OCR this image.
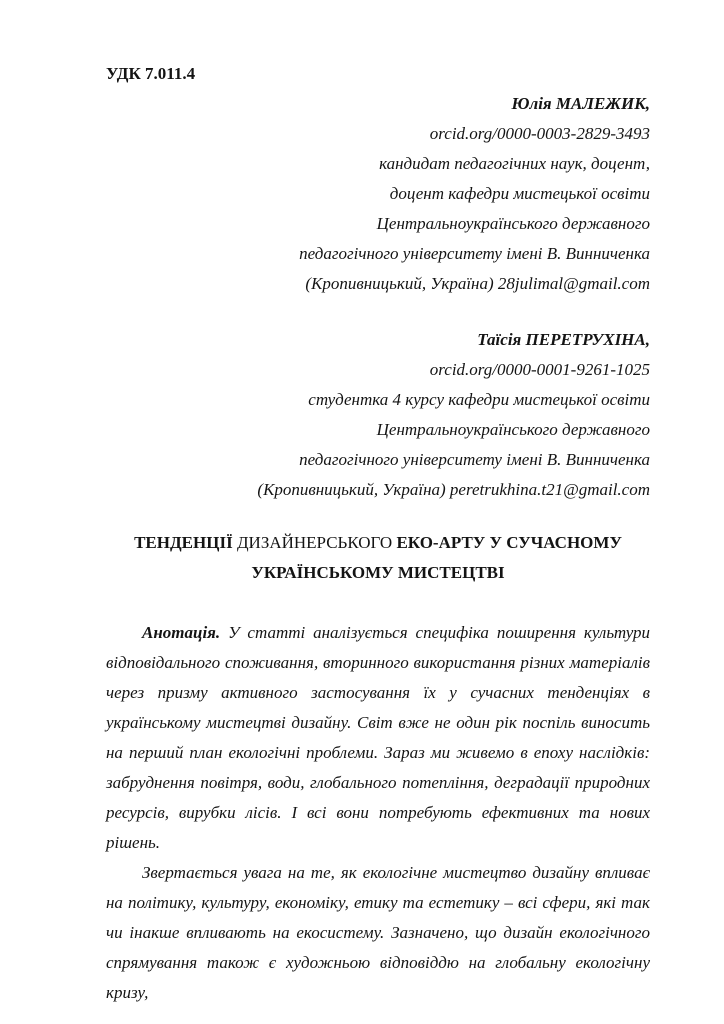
УДК 7.011.4
Юлія МАЛЕЖИК,
orcid.org/0000-0003-2829-3493
кандидат педагогічних наук, доцент,
доцент кафедри мистецької освіти
Центральноукраїнського державного
педагогічного університету імені В. Винниченка
(Кропивницький, Україна) 28julimal@gmail.com
Таїсія ПЕРЕТРУХІНА,
orcid.org/0000-0001-9261-1025
студентка 4 курсу кафедри мистецької освіти
Центральноукраїнського державного
педагогічного університету імені В. Винниченка
(Кропивницький, Україна) peretrukhina.t21@gmail.com
ТЕНДЕНЦІЇ ДИЗАЙНЕРСЬКОГО ЕКО-АРТУ У СУЧАСНОМУ УКРАЇНСЬКОМУ МИСТЕЦТВІ

Анотація. У статті аналізується специфіка поширення культури відповідального споживання, вторинного використання різних матеріалів через призму активного застосування їх у сучасних тенденціях в українському мистецтві дизайну. Світ вже не один рік поспіль виносить на перший план екологічні проблеми. Зараз ми живемо в епоху наслідків: забруднення повітря, води, глобального потепління, деградації природних ресурсів, вирубки лісів. І всі вони потребують ефективних та нових рішень.

Звертається увага на те, як екологічне мистецтво дизайну впливає на політику, культуру, економіку, етику та естетику – всі сфери, які так чи інакше впливають на екосистему. Зазначено, що дизайн екологічного спрямування також є художньою відповіддю на глобальну екологічну кризу,
